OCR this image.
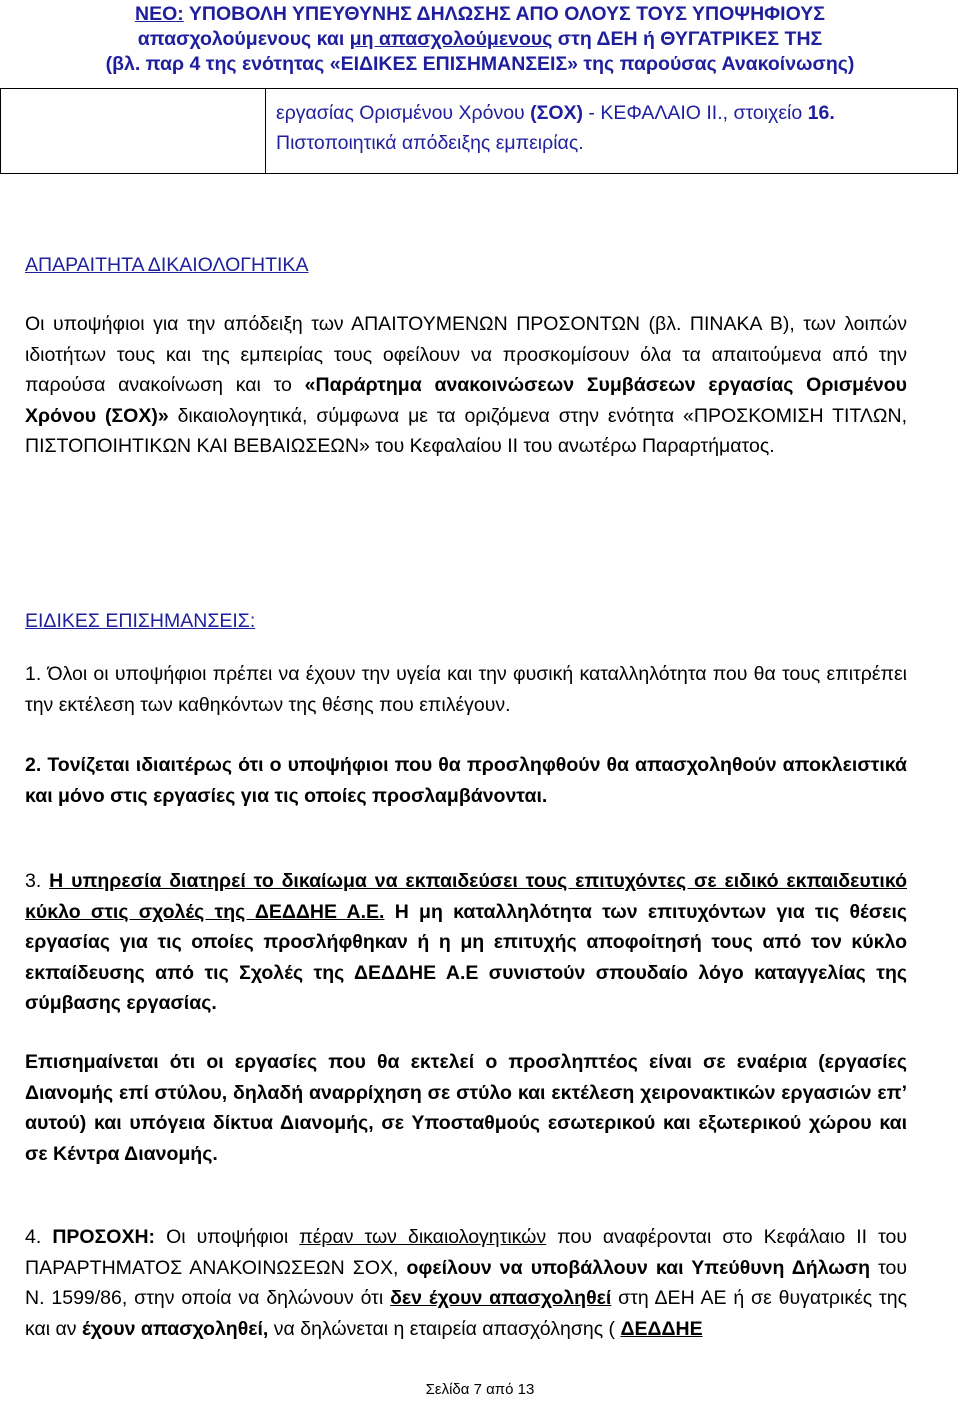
ΝΕΟ: ΥΠΟΒΟΛΗ ΥΠΕΥΘΥΝΗΣ ΔΗΛΩΣΗΣ ΑΠΟ ΟΛΟΥΣ ΤΟΥΣ ΥΠΟΨΗΦΙΟΥΣ
απασχολούμενους και μη απασχολούμενους στη ΔΕΗ ή ΘΥΓΑΤΡΙΚΕΣ ΤΗΣ
(βλ. παρ 4 της ενότητας «ΕΙΔΙΚΕΣ ΕΠΙΣΗΜΑΝΣΕΙΣ» της παρούσας Ανακοίνωσης)
εργασίας Ορισμένου Χρόνου (ΣΟΧ) - ΚΕΦΑΛΑΙΟ ΙΙ., στοιχείο 16. Πιστοποιητικά απόδειξης εμπειρίας.
ΑΠΑΡΑΙΤΗΤΑ ΔΙΚΑΙΟΛΟΓΗΤΙΚΑ
Οι υποψήφιοι για την απόδειξη των ΑΠΑΙΤΟΥΜΕΝΩΝ ΠΡΟΣΟΝΤΩΝ (βλ. ΠΙΝΑΚΑ Β), των λοιπών ιδιοτήτων τους και της εμπειρίας τους οφείλουν να προσκομίσουν όλα τα απαιτούμενα από την παρούσα ανακοίνωση και το «Παράρτημα ανακοινώσεων Συμβάσεων εργασίας Ορισμένου Χρόνου (ΣΟΧ)» δικαιολογητικά, σύμφωνα με τα οριζόμενα στην ενότητα «ΠΡΟΣΚΟΜΙΣΗ ΤΙΤΛΩΝ, ΠΙΣΤΟΠΟΙΗΤΙΚΩΝ ΚΑΙ ΒΕΒΑΙΩΣΕΩΝ» του Κεφαλαίου ΙΙ του ανωτέρω Παραρτήματος.
ΕΙΔΙΚΕΣ ΕΠΙΣΗΜΑΝΣΕΙΣ:
1. Όλοι οι υποψήφιοι πρέπει να έχουν την υγεία και την φυσική καταλληλότητα που θα τους επιτρέπει την εκτέλεση των καθηκόντων της θέσης που επιλέγουν.
2. Τονίζεται ιδιαιτέρως ότι ο υποψήφιοι που θα προσληφθούν θα απασχοληθούν αποκλειστικά και μόνο στις εργασίες για τις οποίες προσλαμβάνονται.
3. Η υπηρεσία διατηρεί το δικαίωμα να εκπαιδεύσει τους επιτυχόντες σε ειδικό εκπαιδευτικό κύκλο στις σχολές της ΔΕΔΔΗΕ Α.Ε. Η μη καταλληλότητα των επιτυχόντων για τις θέσεις εργασίας για τις οποίες προσλήφθηκαν ή η μη επιτυχής αποφοίτησή τους από τον κύκλο εκπαίδευσης από τις Σχολές της ΔΕΔΔΗΕ Α.Ε συνιστούν σπουδαίο λόγο καταγγελίας της σύμβασης εργασίας.
Επισημαίνεται ότι οι εργασίες που θα εκτελεί ο προσληπτέος είναι σε εναέρια (εργασίες Διανομής επί στύλου, δηλαδή αναρρίχηση σε στύλο και εκτέλεση χειρονακτικών εργασιών επ’ αυτού) και υπόγεια δίκτυα Διανομής, σε Υποσταθμούς εσωτερικού και εξωτερικού χώρου και σε Κέντρα Διανομής.
4. ΠΡΟΣΟΧΗ: Οι υποψήφιοι πέραν των δικαιολογητικών που αναφέρονται στο Κεφάλαιο ΙΙ του ΠΑΡΑΡΤΗΜΑΤΟΣ ΑΝΑΚΟΙΝΩΣΕΩΝ ΣΟΧ, οφείλουν να υποβάλλουν και Υπεύθυνη Δήλωση του Ν. 1599/86, στην οποία να δηλώνουν ότι δεν έχουν απασχοληθεί στη ΔΕΗ ΑΕ ή σε θυγατρικές της και αν έχουν απασχοληθεί, να δηλώνεται η εταιρεία απασχόλησης ( ΔΕΔΔΗΕ
Σελίδα 7 από 13
